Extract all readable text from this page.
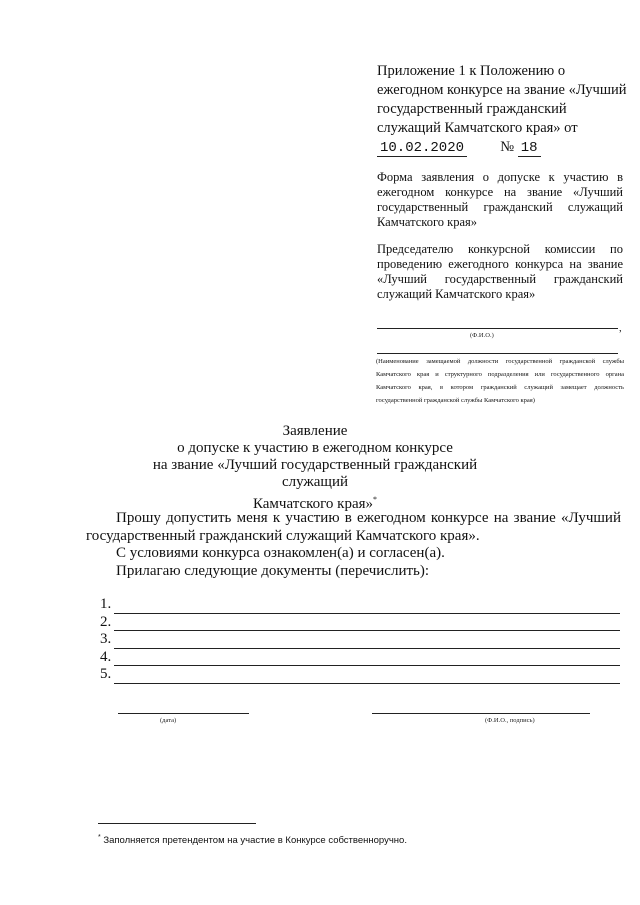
Приложение 1 к Положению о ежегодном конкурсе на звание «Лучший государственный гражданский служащий Камчатского края» от 10.02.2020	№ 18
Форма заявления о допуске к участию в ежегодном конкурсе на звание «Лучший государственный гражданский служащий Камчатского края»
Председателю конкурсной комиссии по проведению ежегодного конкурса на звание «Лучший государственный гражданский служащий Камчатского края»
,
(Ф.И.О.)
(Наименование замещаемой должности государственной гражданской службы Камчатского края и структурного подразделения или государственного органа Камчатского края, в котором гражданский служащий замещает должность государственной гражданской службы Камчатского края)
Заявление
о допуске к участию в ежегодном конкурсе
на звание «Лучший государственный гражданский служащий
Камчатского края»*

Прошу допустить меня к участию в ежегодном конкурсе на звание «Лучший государственный гражданский служащий Камчатского края».

С условиями конкурса ознакомлен(а) и согласен(а).

Прилагаю следующие документы (перечислить):

1.
2.
3.
4.
5.
(дата)	(Ф.И.О., подпись)
* Заполняется претендентом на участие в Конкурсе собственноручно.
